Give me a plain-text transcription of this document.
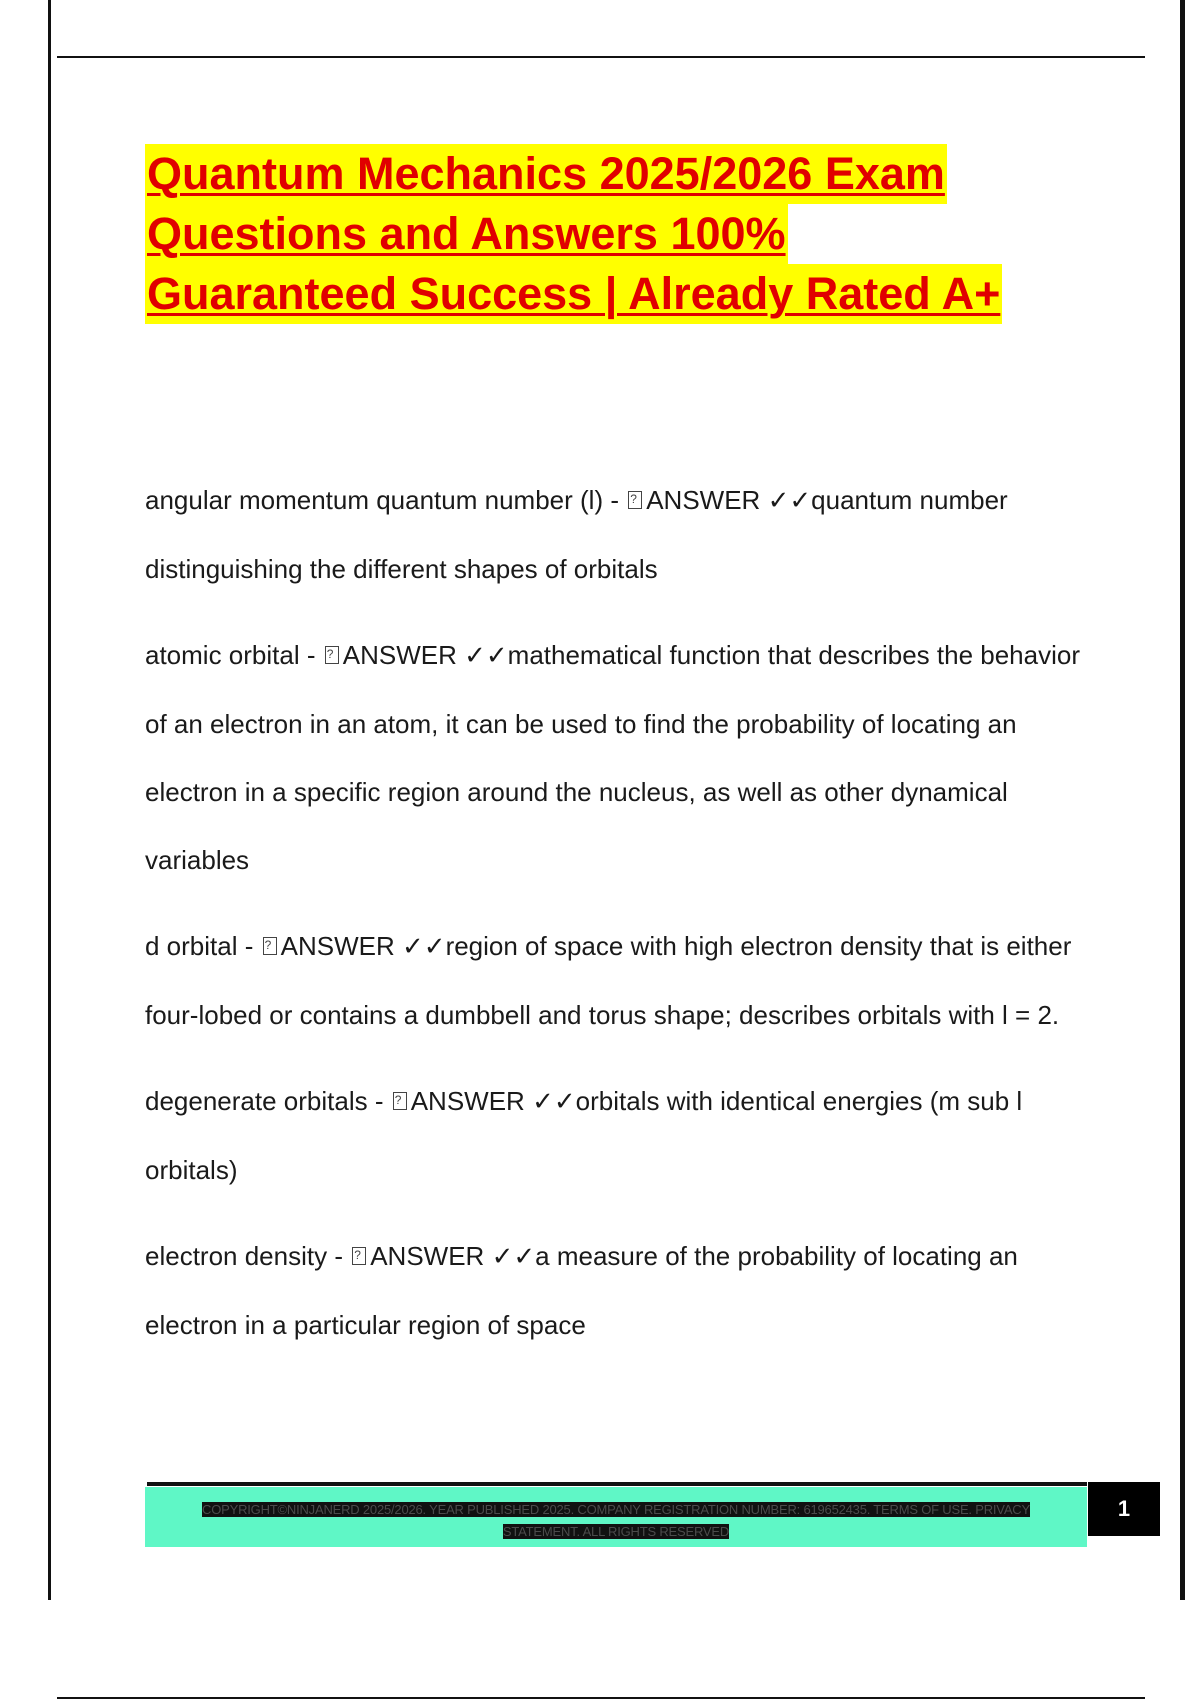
Quantum Mechanics 2025/2026 Exam
Questions and Answers 100%
Guaranteed Success | Already Rated A+

angular momentum quantum number (l) - ? ANSWER ✓✓quantum number distinguishing the different shapes of orbitals

atomic orbital - ? ANSWER ✓✓mathematical function that describes the behavior of an electron in an atom, it can be used to find the probability of locating an electron in a specific region around the nucleus, as well as other dynamical variables

d orbital - ? ANSWER ✓✓region of space with high electron density that is either four-lobed or contains a dumbbell and torus shape; describes orbitals with l = 2.

degenerate orbitals - ? ANSWER ✓✓orbitals with identical energies (m sub l orbitals)

electron density - ? ANSWER ✓✓a measure of the probability of locating an electron in a particular region of space

COPYRIGHT©NINJANERD 2025/2026. YEAR PUBLISHED 2025. COMPANY REGISTRATION NUMBER: 619652435. TERMS OF USE. PRIVACY STATEMENT. ALL RIGHTS RESERVED
1
